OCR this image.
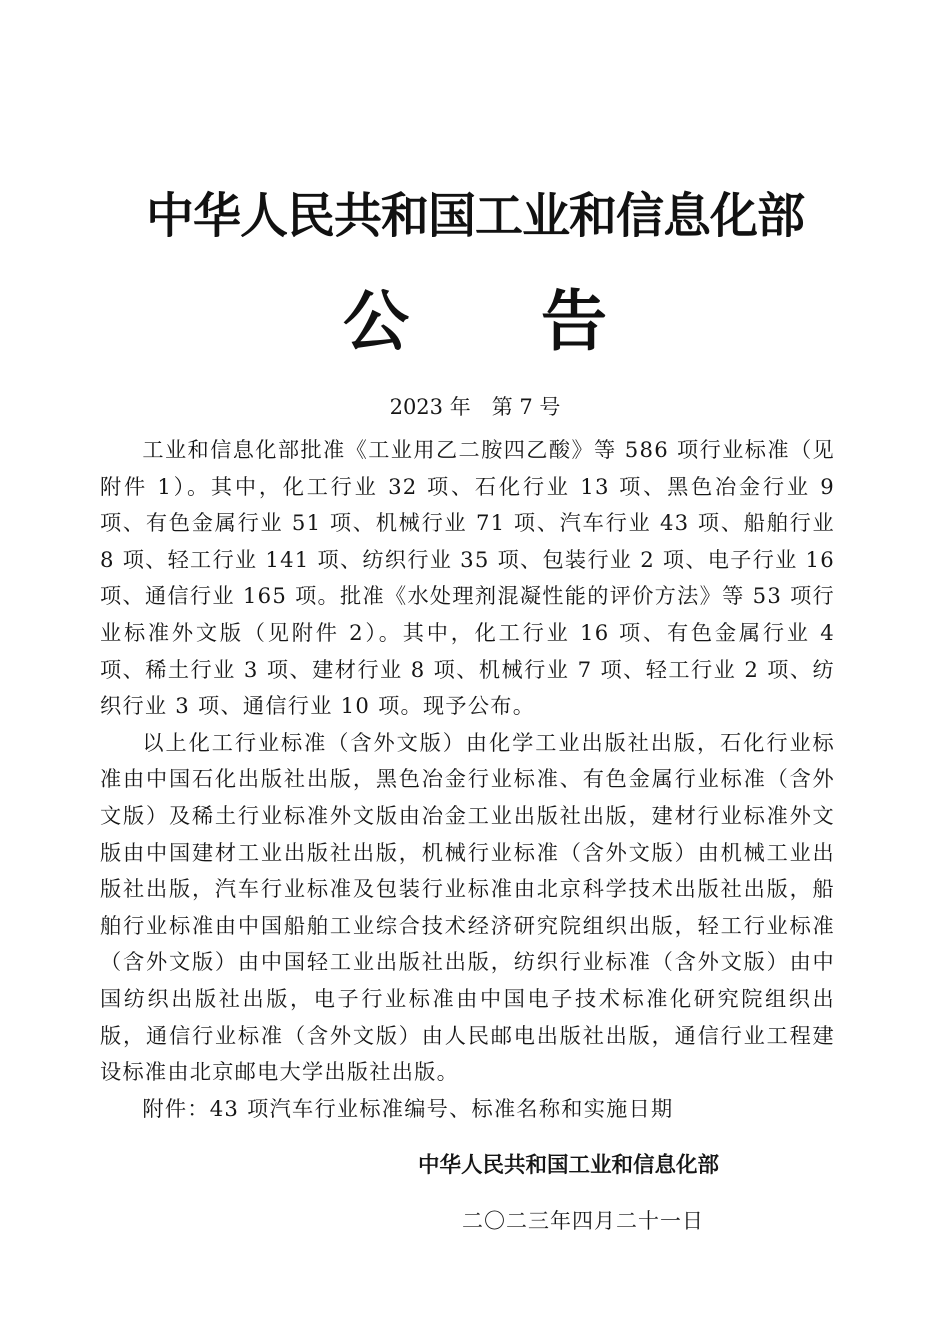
中华人民共和国工业和信息化部
公　　告
2023 年　第 7 号

工业和信息化部批准《工业用乙二胺四乙酸》等 586 项行业标准（见附件 1）。其中，化工行业 32 项、石化行业 13 项、黑色冶金行业 9 项、有色金属行业 51 项、机械行业 71 项、汽车行业 43 项、船舶行业 8 项、轻工行业 141 项、纺织行业 35 项、包装行业 2 项、电子行业 16 项、通信行业 165 项。批准《水处理剂混凝性能的评价方法》等 53 项行业标准外文版（见附件 2）。其中，化工行业 16 项、有色金属行业 4 项、稀土行业 3 项、建材行业 8 项、机械行业 7 项、轻工行业 2 项、纺织行业 3 项、通信行业 10 项。现予公布。

以上化工行业标准（含外文版）由化学工业出版社出版，石化行业标准由中国石化出版社出版，黑色冶金行业标准、有色金属行业标准（含外文版）及稀土行业标准外文版由冶金工业出版社出版，建材行业标准外文版由中国建材工业出版社出版，机械行业标准（含外文版）由机械工业出版社出版，汽车行业标准及包装行业标准由北京科学技术出版社出版，船舶行业标准由中国船舶工业综合技术经济研究院组织出版，轻工行业标准（含外文版）由中国轻工业出版社出版，纺织行业标准（含外文版）由中国纺织出版社出版，电子行业标准由中国电子技术标准化研究院组织出版，通信行业标准（含外文版）由人民邮电出版社出版，通信行业工程建设标准由北京邮电大学出版社出版。

附件：43 项汽车行业标准编号、标准名称和实施日期

中华人民共和国工业和信息化部
二〇二三年四月二十一日
